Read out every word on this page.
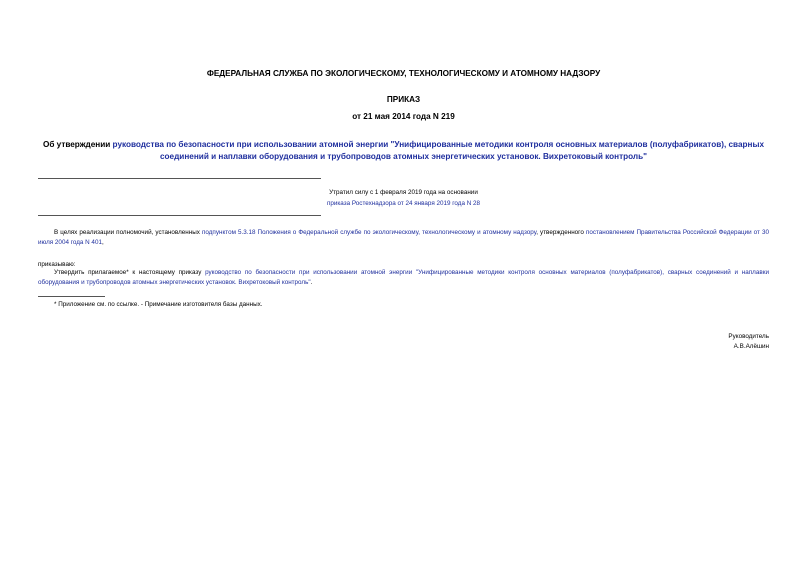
ФЕДЕРАЛЬНАЯ СЛУЖБА ПО ЭКОЛОГИЧЕСКОМУ, ТЕХНОЛОГИЧЕСКОМУ И АТОМНОМУ НАДЗОРУ
ПРИКАЗ
от 21 мая 2014 года N 219
Об утверждении руководства по безопасности при использовании атомной энергии "Унифицированные методики контроля основных материалов (полуфабрикатов), сварных соединений и наплавки оборудования и трубопроводов атомных энергетических установок. Вихретоковый контроль"
Утратил силу с 1 февраля 2019 года на основании
приказа Ростехнадзора от 24 января 2019 года N 28
В целях реализации полномочий, установленных подпунктом 5.3.18 Положения о Федеральной службе по экологическому, технологическому и атомному надзору, утвержденного постановлением Правительства Российской Федерации от 30 июля 2004 года N 401,
приказываю:
Утвердить прилагаемое* к настоящему приказу руководство по безопасности при использовании атомной энергии "Унифицированные методики контроля основных материалов (полуфабрикатов), сварных соединений и наплавки оборудования и трубопроводов атомных энергетических установок. Вихретоковый контроль".
* Приложение см. по ссылке. - Примечание изготовителя базы данных.
Руководитель
А.В.Алёшин
